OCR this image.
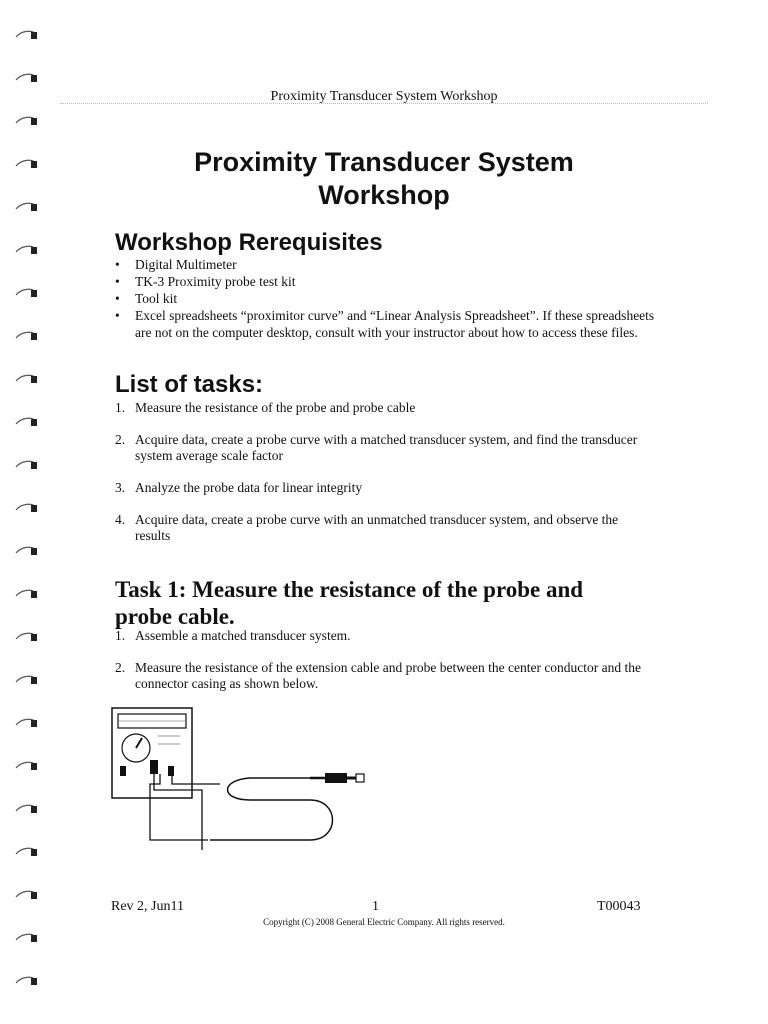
Proximity Transducer System Workshop
Proximity Transducer System
Workshop
Workshop Rerequisites
• Digital Multimeter
• TK-3 Proximity probe test kit
• Tool kit
• Excel spreadsheets “proximitor curve” and “Linear Analysis Spreadsheet”. If these spreadsheets are not on the computer desktop, consult with your instructor about how to access these files.
List of tasks:
1. Measure the resistance of the probe and probe cable
2. Acquire data, create a probe curve with a matched transducer system, and find the transducer system average scale factor
3. Analyze the probe data for linear integrity
4. Acquire data, create a probe curve with an unmatched transducer system, and observe the results
Task 1: Measure the resistance of the probe and
probe cable.
1. Assemble a matched transducer system.
2. Measure the resistance of the extension cable and probe between the center conductor and the connector casing as shown below.
Rev 2, Jun11	1	T00043
Copyright (C) 2008 General Electric Company. All rights reserved.
